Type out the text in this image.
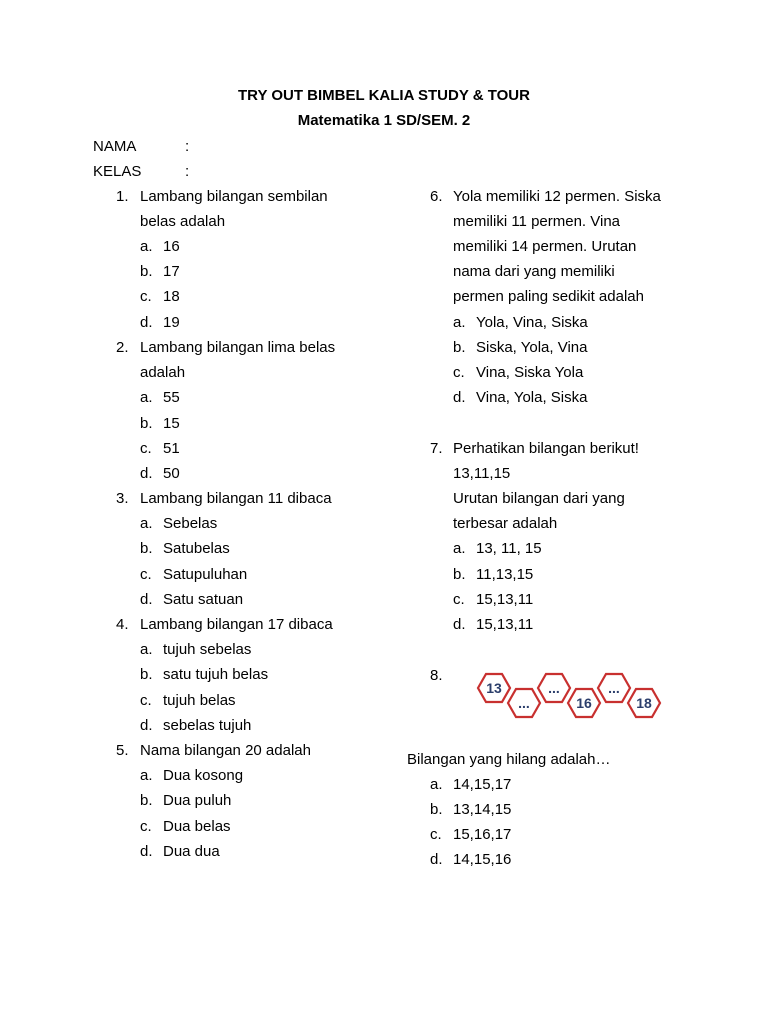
TRY OUT BIMBEL KALIA STUDY & TOUR
Matematika 1 SD/SEM. 2
NAMA	:
KELAS	:
1. Lambang bilangan sembilan
belas adalah
a. 16
b. 17
c. 18
d. 19
2. Lambang bilangan lima belas
adalah
a. 55
b. 15
c. 51
d. 50
3. Lambang bilangan 11 dibaca
a. Sebelas
b. Satubelas
c. Satupuluhan
d. Satu satuan
4. Lambang bilangan 17 dibaca
a. tujuh sebelas
b. satu tujuh belas
c. tujuh belas
d. sebelas tujuh
5. Nama bilangan 20 adalah
a. Dua kosong
b. Dua puluh
c. Dua belas
d. Dua dua
6. Yola memiliki 12 permen. Siska
memiliki 11 permen. Vina
memiliki 14 permen. Urutan
nama dari yang memiliki
permen paling sedikit adalah
a. Yola, Vina, Siska
b. Siska, Yola, Vina
c. Vina, Siska Yola
d. Vina, Yola, Siska
7. Perhatikan bilangan berikut!
13,11,15
Urutan bilangan dari yang
terbesar adalah
a. 13, 11, 15
b. 11,13,15
c. 15,13,11
d. 15,13,11
8.
13
...
...
16
...
18
Bilangan yang hilang adalah…
a. 14,15,17
b. 13,14,15
c. 15,16,17
d. 14,15,16
